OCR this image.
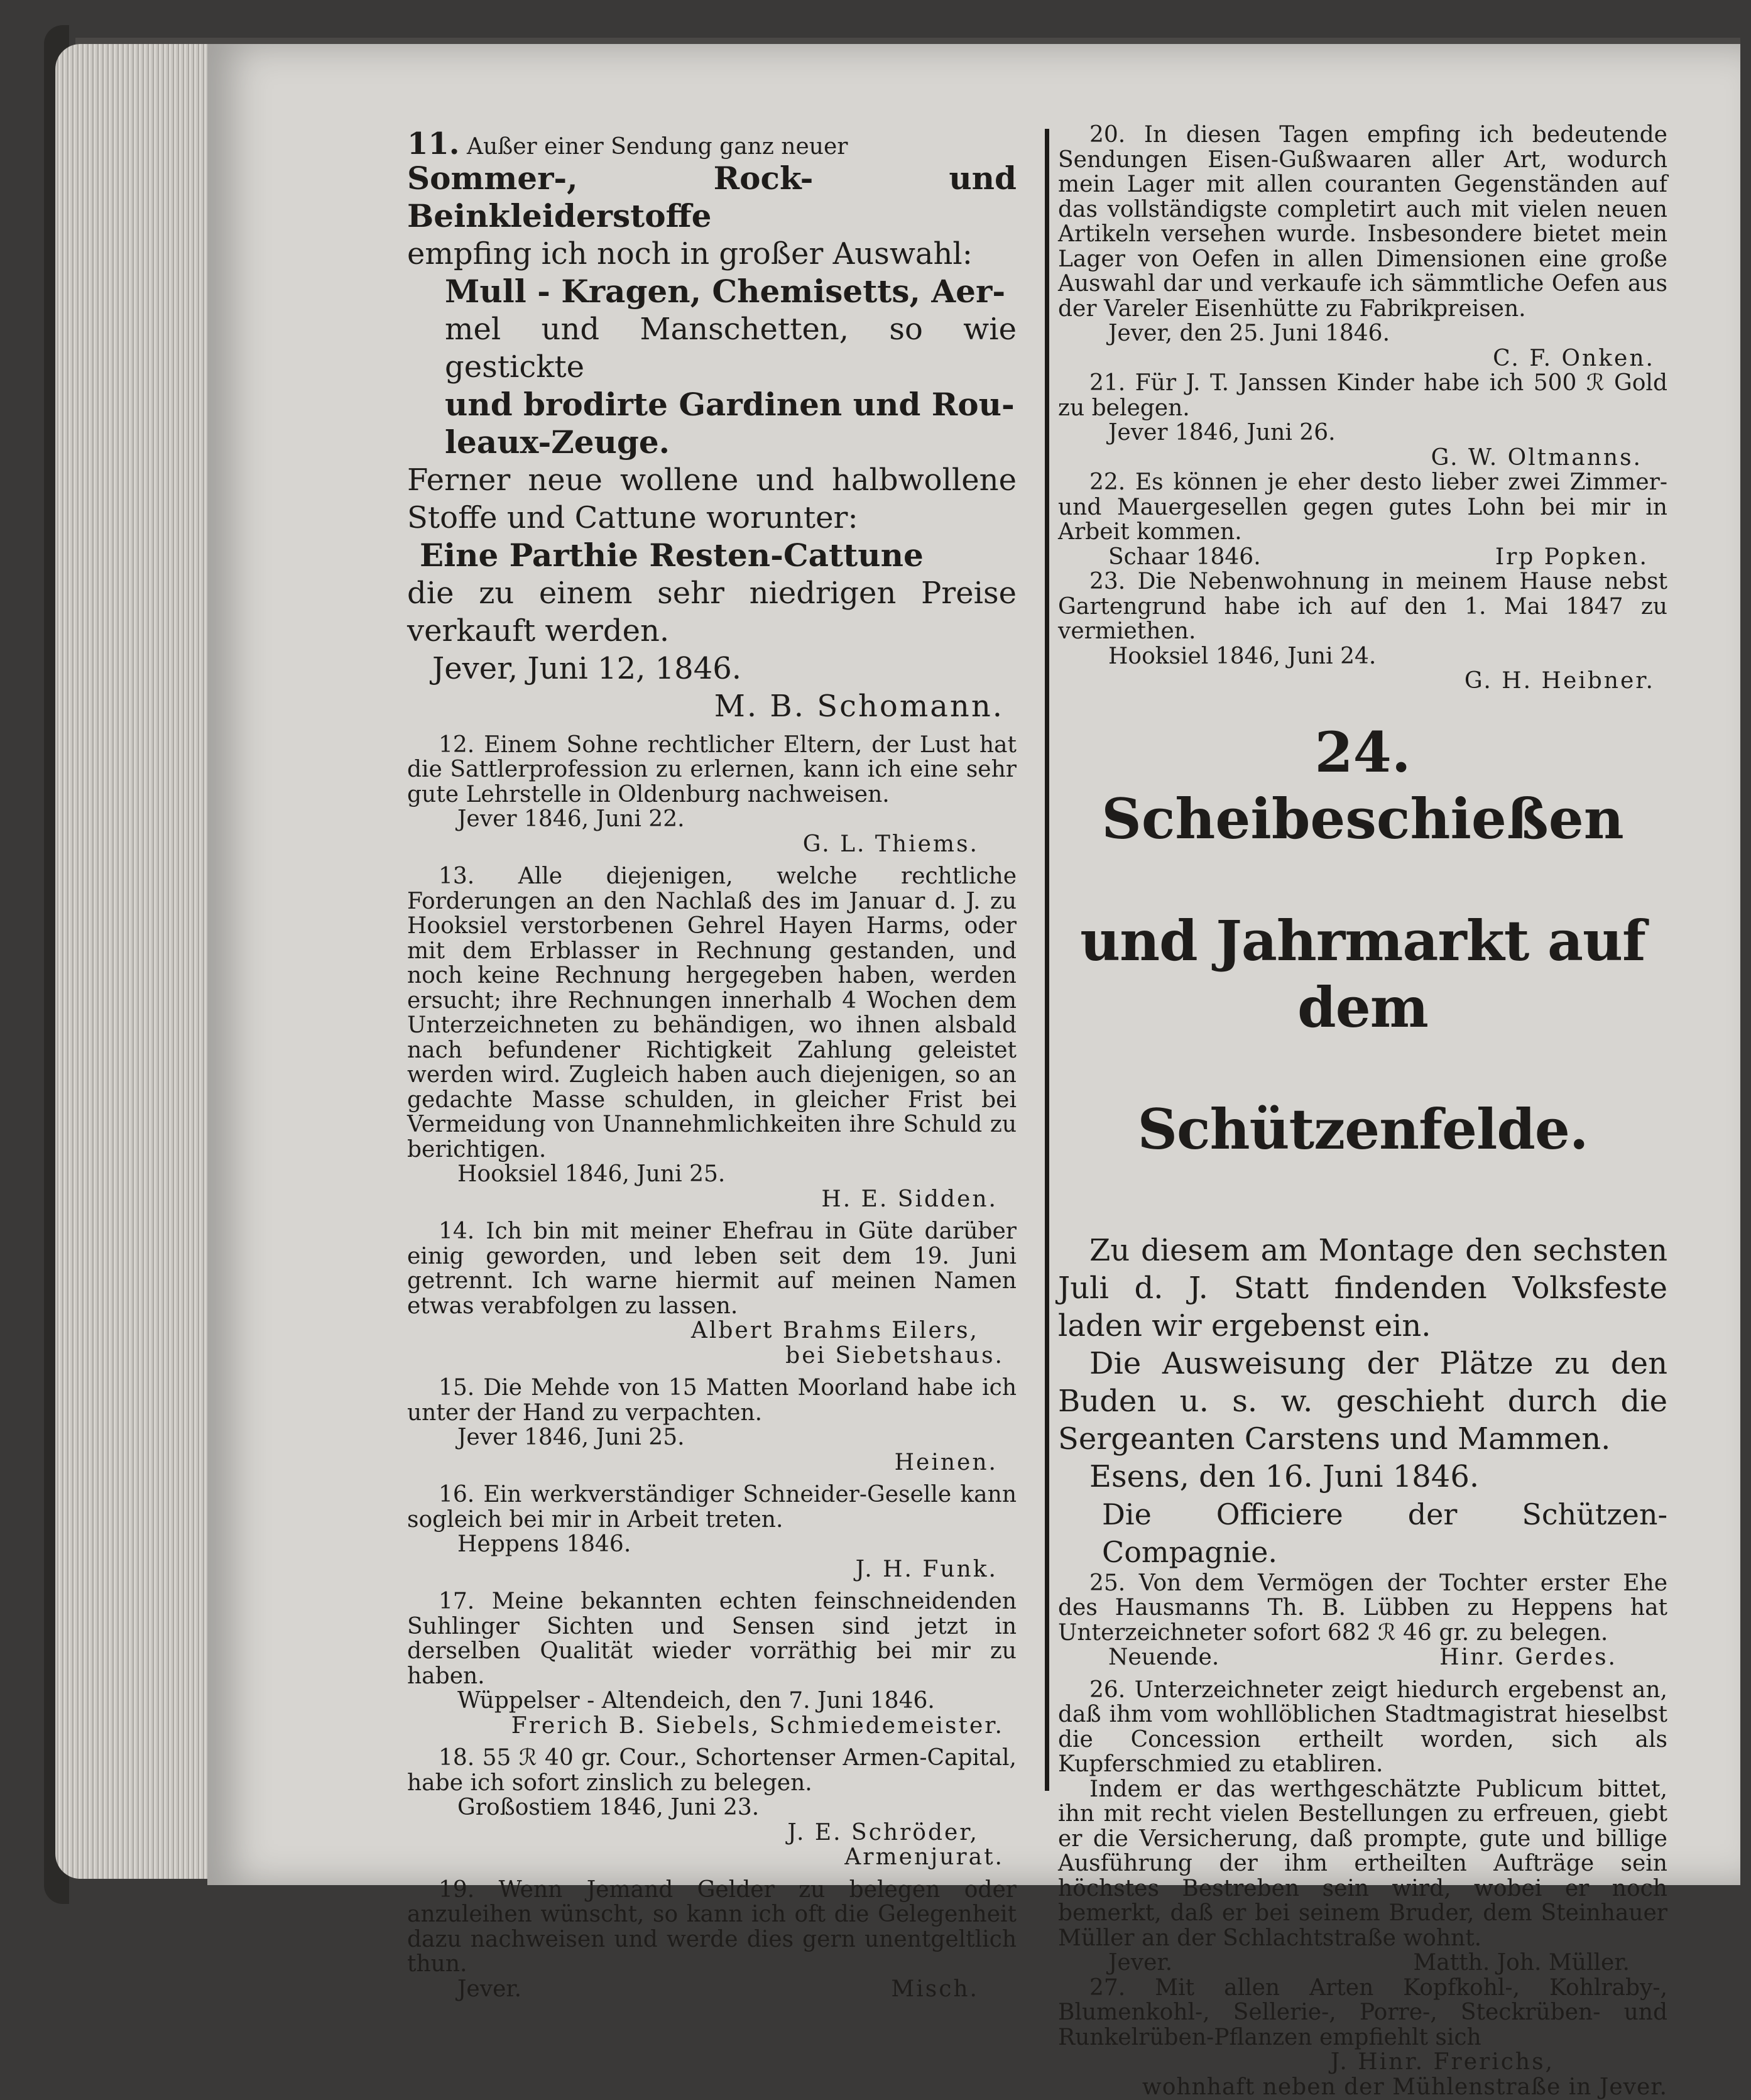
11. Außer einer Sendung ganz neuer

Sommer-, Rock- und Beinkleiderstoffe

empfing ich noch in großer Auswahl:

Mull - Kragen, Chemisetts, Aer-

mel und Manschetten, so wie gestickte

und brodirte Gardinen und Rou-

leaux-Zeuge.

Ferner neue wollene und halbwollene Stoffe und Cattune worunter:

Eine Parthie Resten-Cattune

die zu einem sehr niedrigen Preise verkauft werden.

Jever, Juni 12, 1846.

M. B. Schomann.

12. Einem Sohne rechtlicher Eltern, der Lust hat die Sattlerprofession zu erlernen, kann ich eine sehr gute Lehrstelle in Oldenburg nachweisen.

Jever 1846, Juni 22.

G. L. Thiems.

13. Alle diejenigen, welche rechtliche Forderungen an den Nachlaß des im Januar d. J. zu Hooksiel verstorbenen Gehrel Hayen Harms, oder mit dem Erblasser in Rechnung gestanden, und noch keine Rechnung hergegeben haben, werden ersucht; ihre Rechnungen innerhalb 4 Wochen dem Unterzeichneten zu behändigen, wo ihnen alsbald nach befundener Richtigkeit Zahlung geleistet werden wird. Zugleich haben auch diejenigen, so an gedachte Masse schulden, in gleicher Frist bei Vermeidung von Unannehmlichkeiten ihre Schuld zu berichtigen.

Hooksiel 1846, Juni 25.

H. E. Sidden.

14. Ich bin mit meiner Ehefrau in Güte darüber einig geworden, und leben seit dem 19. Juni getrennt. Ich warne hiermit auf meinen Namen etwas verabfolgen zu lassen.

Albert Brahms Eilers,

bei Siebetshaus.

15. Die Mehde von 15 Matten Moorland habe ich unter der Hand zu verpachten.

Jever 1846, Juni 25.

Heinen.

16. Ein werkverständiger Schneider-Geselle kann sogleich bei mir in Arbeit treten.

Heppens 1846.

J. H. Funk.

17. Meine bekannten echten feinschneidenden Suhlinger Sichten und Sensen sind jetzt in derselben Qualität wieder vorräthig bei mir zu haben.

Wüppelser - Altendeich, den 7. Juni 1846.

Frerich B. Siebels, Schmiedemeister.

18. 55 ℛ 40 gr. Cour., Schortenser Armen-Capital, habe ich sofort zinslich zu belegen.

Großostiem 1846, Juni 23.

J. E. Schröder,

Armenjurat.

19. Wenn Jemand Gelder zu belegen oder anzuleihen wünscht, so kann ich oft die Gelegenheit dazu nachweisen und werde dies gern unentgeltlich thun.

Jever.	Misch.

20. In diesen Tagen empfing ich bedeutende Sendungen Eisen-Gußwaaren aller Art, wodurch mein Lager mit allen couranten Gegenständen auf das vollständigste completirt auch mit vielen neuen Artikeln versehen wurde. Insbesondere bietet mein Lager von Oefen in allen Dimensionen eine große Auswahl dar und verkaufe ich sämmtliche Oefen aus der Vareler Eisenhütte zu Fabrikpreisen.

Jever, den 25. Juni 1846.

C. F. Onken.

21. Für J. T. Janssen Kinder habe ich 500 ℛ Gold zu belegen.

Jever 1846, Juni 26.

G. W. Oltmanns.

22. Es können je eher desto lieber zwei Zimmer- und Mauergesellen gegen gutes Lohn bei mir in Arbeit kommen.

Schaar 1846.	Irp Popken.

23. Die Nebenwohnung in meinem Hause nebst Gartengrund habe ich auf den 1. Mai 1847 zu vermiethen.

Hooksiel 1846, Juni 24.

G. H. Heibner.

24. Scheibeschießen

und Jahrmarkt auf dem

Schützenfelde.

Zu diesem am Montage den sechsten Juli d. J. Statt findenden Volksfeste laden wir ergebenst ein.

Die Ausweisung der Plätze zu den Buden u. s. w. geschieht durch die Sergeanten Carstens und Mammen.

Esens, den 16. Juni 1846.

Die Officiere der Schützen-Compagnie.

25. Von dem Vermögen der Tochter erster Ehe des Hausmanns Th. B. Lübben zu Heppens hat Unterzeichneter sofort 682 ℛ 46 gr. zu belegen.

Neuende.	Hinr. Gerdes.

26. Unterzeichneter zeigt hiedurch ergebenst an, daß ihm vom wohllöblichen Stadtmagistrat hieselbst die Concession ertheilt worden, sich als Kupferschmied zu etabliren.

Indem er das werthgeschätzte Publicum bittet, ihn mit recht vielen Bestellungen zu erfreuen, giebt er die Versicherung, daß prompte, gute und billige Ausführung der ihm ertheilten Aufträge sein höchstes Bestreben sein wird, wobei er noch bemerkt, daß er bei seinem Bruder, dem Steinhauer Müller an der Schlachtstraße wohnt.

Jever.	Matth. Joh. Müller.

27. Mit allen Arten Kopfkohl-, Kohlraby-, Blumenkohl-, Sellerie-, Porre-, Steckrüben- und Runkelrüben-Pflanzen empfiehlt sich

J. Hinr. Frerichs,

wohnhaft neben der Mühlenstraße in Jever.
